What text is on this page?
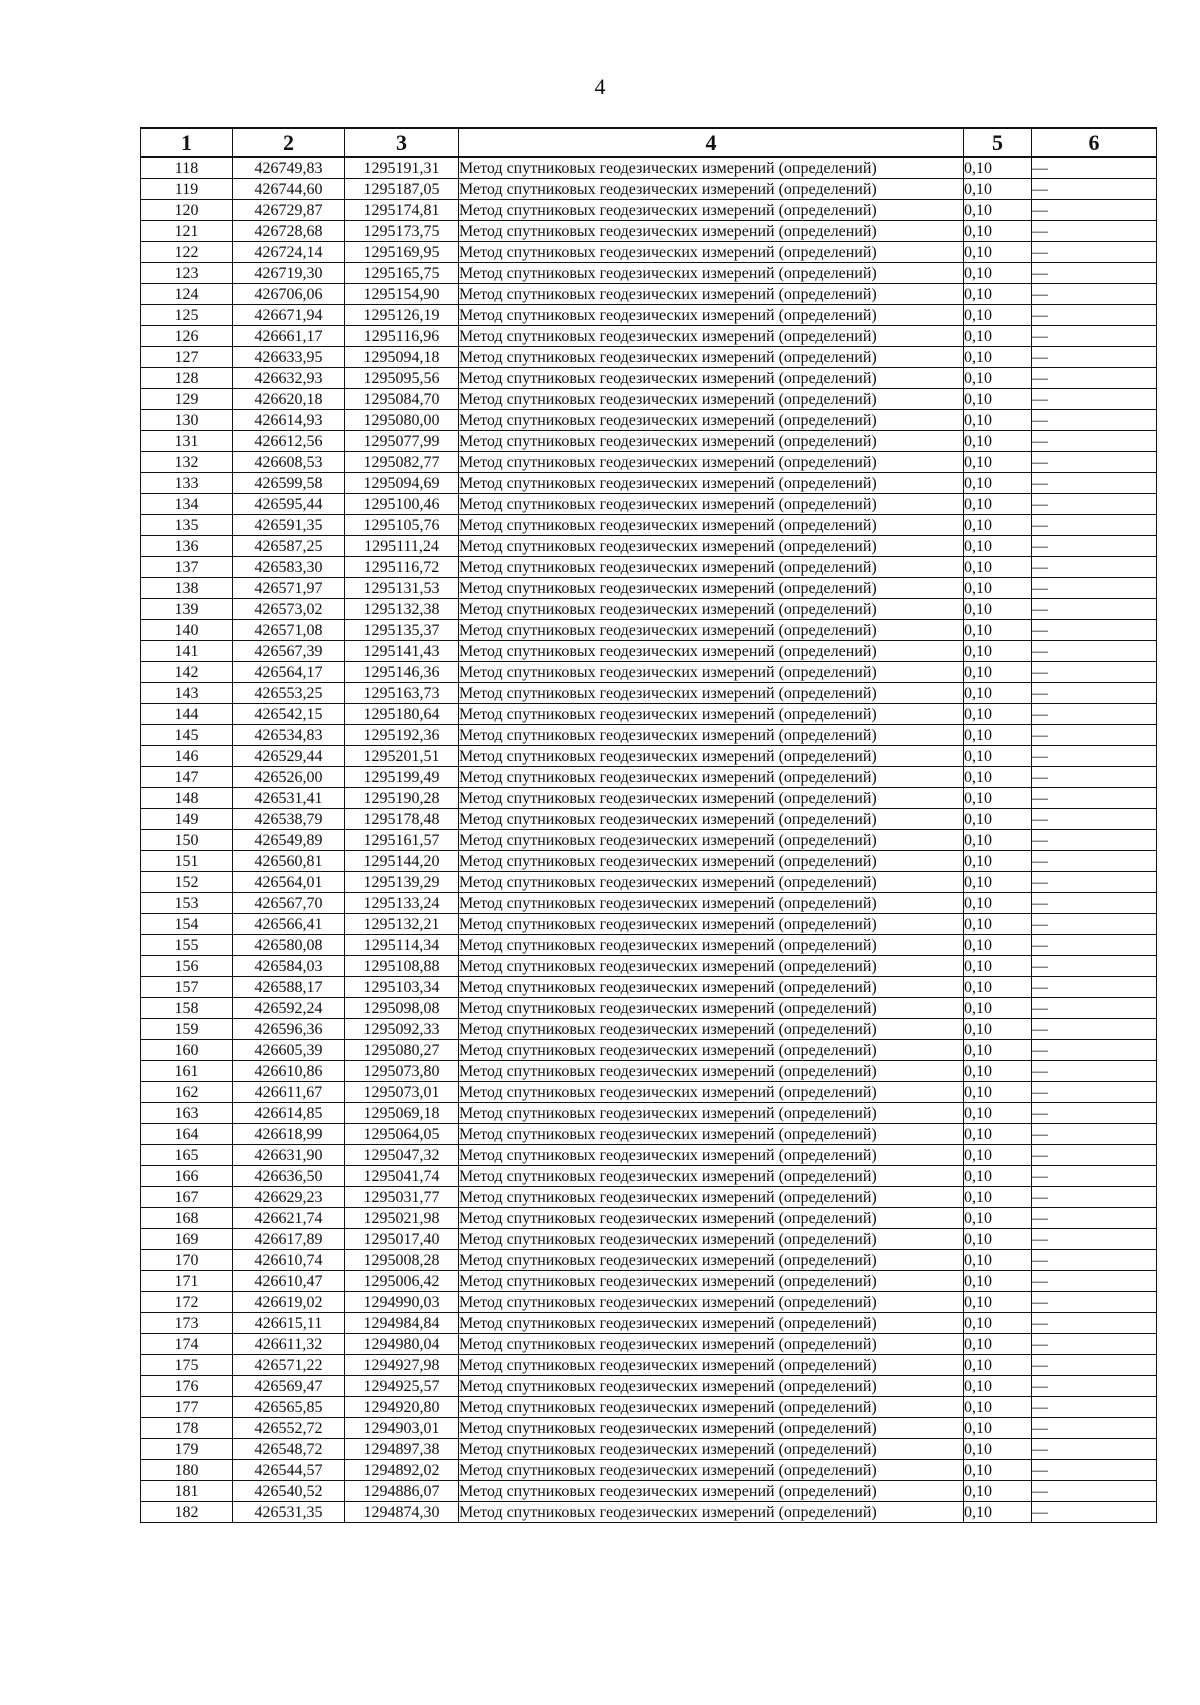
4
1	2	3	4	5	6
118	426749,83	1295191,31	Метод спутниковых геодезических измерений (определений)	0,10	—
119	426744,60	1295187,05	Метод спутниковых геодезических измерений (определений)	0,10	—
120	426729,87	1295174,81	Метод спутниковых геодезических измерений (определений)	0,10	—
121	426728,68	1295173,75	Метод спутниковых геодезических измерений (определений)	0,10	—
122	426724,14	1295169,95	Метод спутниковых геодезических измерений (определений)	0,10	—
123	426719,30	1295165,75	Метод спутниковых геодезических измерений (определений)	0,10	—
124	426706,06	1295154,90	Метод спутниковых геодезических измерений (определений)	0,10	—
125	426671,94	1295126,19	Метод спутниковых геодезических измерений (определений)	0,10	—
126	426661,17	1295116,96	Метод спутниковых геодезических измерений (определений)	0,10	—
127	426633,95	1295094,18	Метод спутниковых геодезических измерений (определений)	0,10	—
128	426632,93	1295095,56	Метод спутниковых геодезических измерений (определений)	0,10	—
129	426620,18	1295084,70	Метод спутниковых геодезических измерений (определений)	0,10	—
130	426614,93	1295080,00	Метод спутниковых геодезических измерений (определений)	0,10	—
131	426612,56	1295077,99	Метод спутниковых геодезических измерений (определений)	0,10	—
132	426608,53	1295082,77	Метод спутниковых геодезических измерений (определений)	0,10	—
133	426599,58	1295094,69	Метод спутниковых геодезических измерений (определений)	0,10	—
134	426595,44	1295100,46	Метод спутниковых геодезических измерений (определений)	0,10	—
135	426591,35	1295105,76	Метод спутниковых геодезических измерений (определений)	0,10	—
136	426587,25	1295111,24	Метод спутниковых геодезических измерений (определений)	0,10	—
137	426583,30	1295116,72	Метод спутниковых геодезических измерений (определений)	0,10	—
138	426571,97	1295131,53	Метод спутниковых геодезических измерений (определений)	0,10	—
139	426573,02	1295132,38	Метод спутниковых геодезических измерений (определений)	0,10	—
140	426571,08	1295135,37	Метод спутниковых геодезических измерений (определений)	0,10	—
141	426567,39	1295141,43	Метод спутниковых геодезических измерений (определений)	0,10	—
142	426564,17	1295146,36	Метод спутниковых геодезических измерений (определений)	0,10	—
143	426553,25	1295163,73	Метод спутниковых геодезических измерений (определений)	0,10	—
144	426542,15	1295180,64	Метод спутниковых геодезических измерений (определений)	0,10	—
145	426534,83	1295192,36	Метод спутниковых геодезических измерений (определений)	0,10	—
146	426529,44	1295201,51	Метод спутниковых геодезических измерений (определений)	0,10	—
147	426526,00	1295199,49	Метод спутниковых геодезических измерений (определений)	0,10	—
148	426531,41	1295190,28	Метод спутниковых геодезических измерений (определений)	0,10	—
149	426538,79	1295178,48	Метод спутниковых геодезических измерений (определений)	0,10	—
150	426549,89	1295161,57	Метод спутниковых геодезических измерений (определений)	0,10	—
151	426560,81	1295144,20	Метод спутниковых геодезических измерений (определений)	0,10	—
152	426564,01	1295139,29	Метод спутниковых геодезических измерений (определений)	0,10	—
153	426567,70	1295133,24	Метод спутниковых геодезических измерений (определений)	0,10	—
154	426566,41	1295132,21	Метод спутниковых геодезических измерений (определений)	0,10	—
155	426580,08	1295114,34	Метод спутниковых геодезических измерений (определений)	0,10	—
156	426584,03	1295108,88	Метод спутниковых геодезических измерений (определений)	0,10	—
157	426588,17	1295103,34	Метод спутниковых геодезических измерений (определений)	0,10	—
158	426592,24	1295098,08	Метод спутниковых геодезических измерений (определений)	0,10	—
159	426596,36	1295092,33	Метод спутниковых геодезических измерений (определений)	0,10	—
160	426605,39	1295080,27	Метод спутниковых геодезических измерений (определений)	0,10	—
161	426610,86	1295073,80	Метод спутниковых геодезических измерений (определений)	0,10	—
162	426611,67	1295073,01	Метод спутниковых геодезических измерений (определений)	0,10	—
163	426614,85	1295069,18	Метод спутниковых геодезических измерений (определений)	0,10	—
164	426618,99	1295064,05	Метод спутниковых геодезических измерений (определений)	0,10	—
165	426631,90	1295047,32	Метод спутниковых геодезических измерений (определений)	0,10	—
166	426636,50	1295041,74	Метод спутниковых геодезических измерений (определений)	0,10	—
167	426629,23	1295031,77	Метод спутниковых геодезических измерений (определений)	0,10	—
168	426621,74	1295021,98	Метод спутниковых геодезических измерений (определений)	0,10	—
169	426617,89	1295017,40	Метод спутниковых геодезических измерений (определений)	0,10	—
170	426610,74	1295008,28	Метод спутниковых геодезических измерений (определений)	0,10	—
171	426610,47	1295006,42	Метод спутниковых геодезических измерений (определений)	0,10	—
172	426619,02	1294990,03	Метод спутниковых геодезических измерений (определений)	0,10	—
173	426615,11	1294984,84	Метод спутниковых геодезических измерений (определений)	0,10	—
174	426611,32	1294980,04	Метод спутниковых геодезических измерений (определений)	0,10	—
175	426571,22	1294927,98	Метод спутниковых геодезических измерений (определений)	0,10	—
176	426569,47	1294925,57	Метод спутниковых геодезических измерений (определений)	0,10	—
177	426565,85	1294920,80	Метод спутниковых геодезических измерений (определений)	0,10	—
178	426552,72	1294903,01	Метод спутниковых геодезических измерений (определений)	0,10	—
179	426548,72	1294897,38	Метод спутниковых геодезических измерений (определений)	0,10	—
180	426544,57	1294892,02	Метод спутниковых геодезических измерений (определений)	0,10	—
181	426540,52	1294886,07	Метод спутниковых геодезических измерений (определений)	0,10	—
182	426531,35	1294874,30	Метод спутниковых геодезических измерений (определений)	0,10	—
